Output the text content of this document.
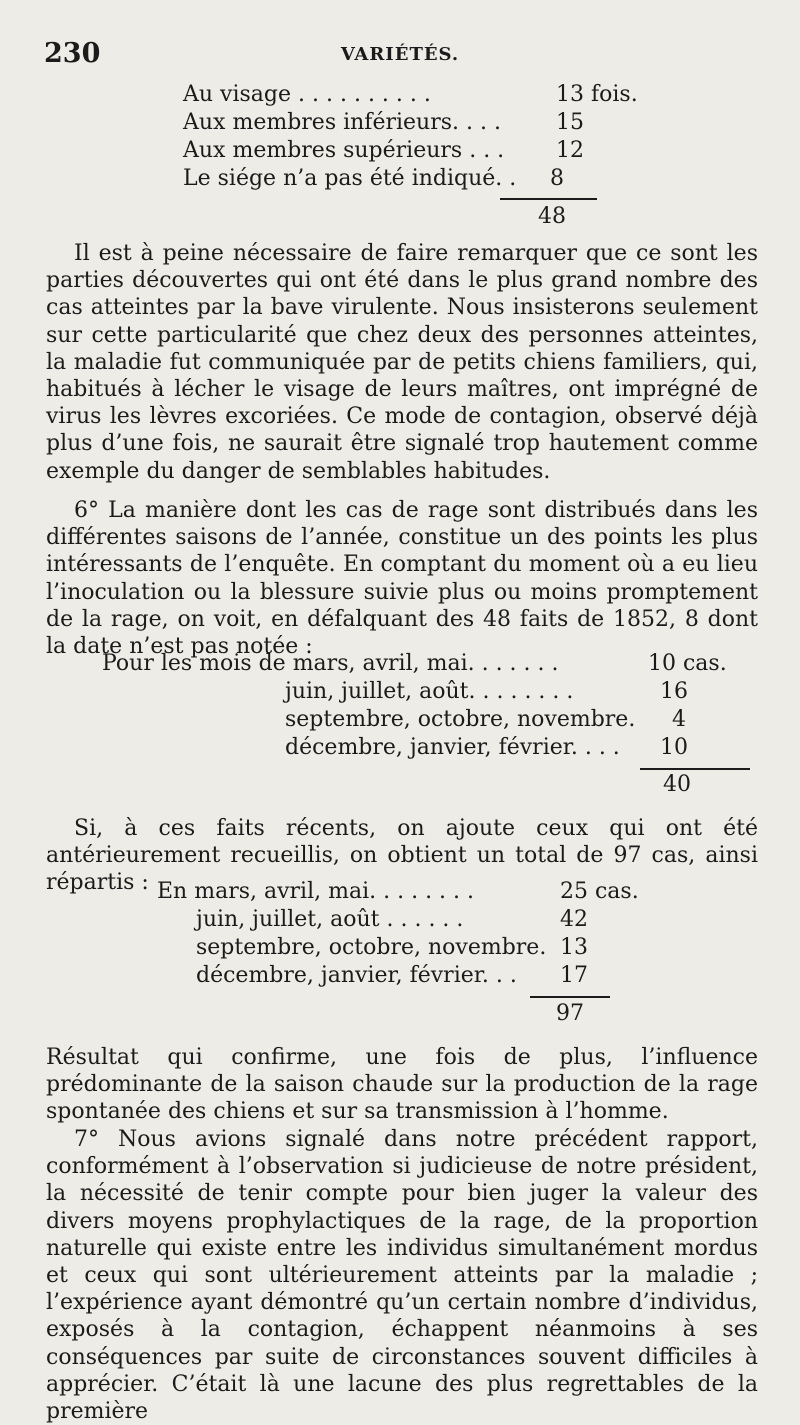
230	VARIÉTÉS.
Au visage . . . . . . . . . .	13 fois.
Aux membres inférieurs. . . .	15
Aux membres supérieurs . . . 12
Le siége n’a pas été indiqué. . 8
48
Il est à peine nécessaire de faire remarquer que ce sont les parties découvertes qui ont été dans le plus grand nombre des cas atteintes par la bave virulente. Nous insisterons seulement sur cette particularité que chez deux des personnes atteintes, la maladie fut communiquée par de petits chiens familiers, qui, habitués à lécher le visage de leurs maîtres, ont imprégné de virus les lèvres excoriées. Ce mode de contagion, observé déjà plus d’une fois, ne saurait être signalé trop hautement comme exemple du danger de semblables habitudes.
6° La manière dont les cas de rage sont distribués dans les différentes saisons de l’année, constitue un des points les plus intéressants de l’enquête. En comptant du moment où a eu lieu l’inoculation ou la blessure suivie plus ou moins promptement de la rage, on voit, en défalquant des 48 faits de 1852, 8 dont la date n’est pas notée :
Pour les mois de mars, avril, mai. . . . . . .	10 cas.
juin, juillet, août. . . . . . . .	16
septembre, octobre, novembre. 4
décembre, janvier, février. . . . 10
40
Si, à ces faits récents, on ajoute ceux qui ont été antérieurement recueillis, on obtient un total de 97 cas, ainsi répartis : En mars, avril, mai. . . . . . . .	25 cas.
juin, juillet, août . . . . . .	42
septembre, octobre, novembre. 13
décembre, janvier, février. . . 17
97
Résultat qui confirme, une fois de plus, l’influence prédominante de la saison chaude sur la production de la rage spontanée des chiens et sur sa transmission à l’homme.
7° Nous avions signalé dans notre précédent rapport, conformément à l’observation si judicieuse de notre président, la nécessité de tenir compte pour bien juger la valeur des divers moyens prophylactiques de la rage, de la proportion naturelle qui existe entre les individus simultanément mordus et ceux qui sont ultérieurement atteints par la maladie ; l’expérience ayant démontré qu’un certain nombre d’individus, exposés à la contagion, échappent néanmoins à ses conséquences par suite de circonstances souvent difficiles à apprécier. C’était là une lacune des plus regrettables de la première
